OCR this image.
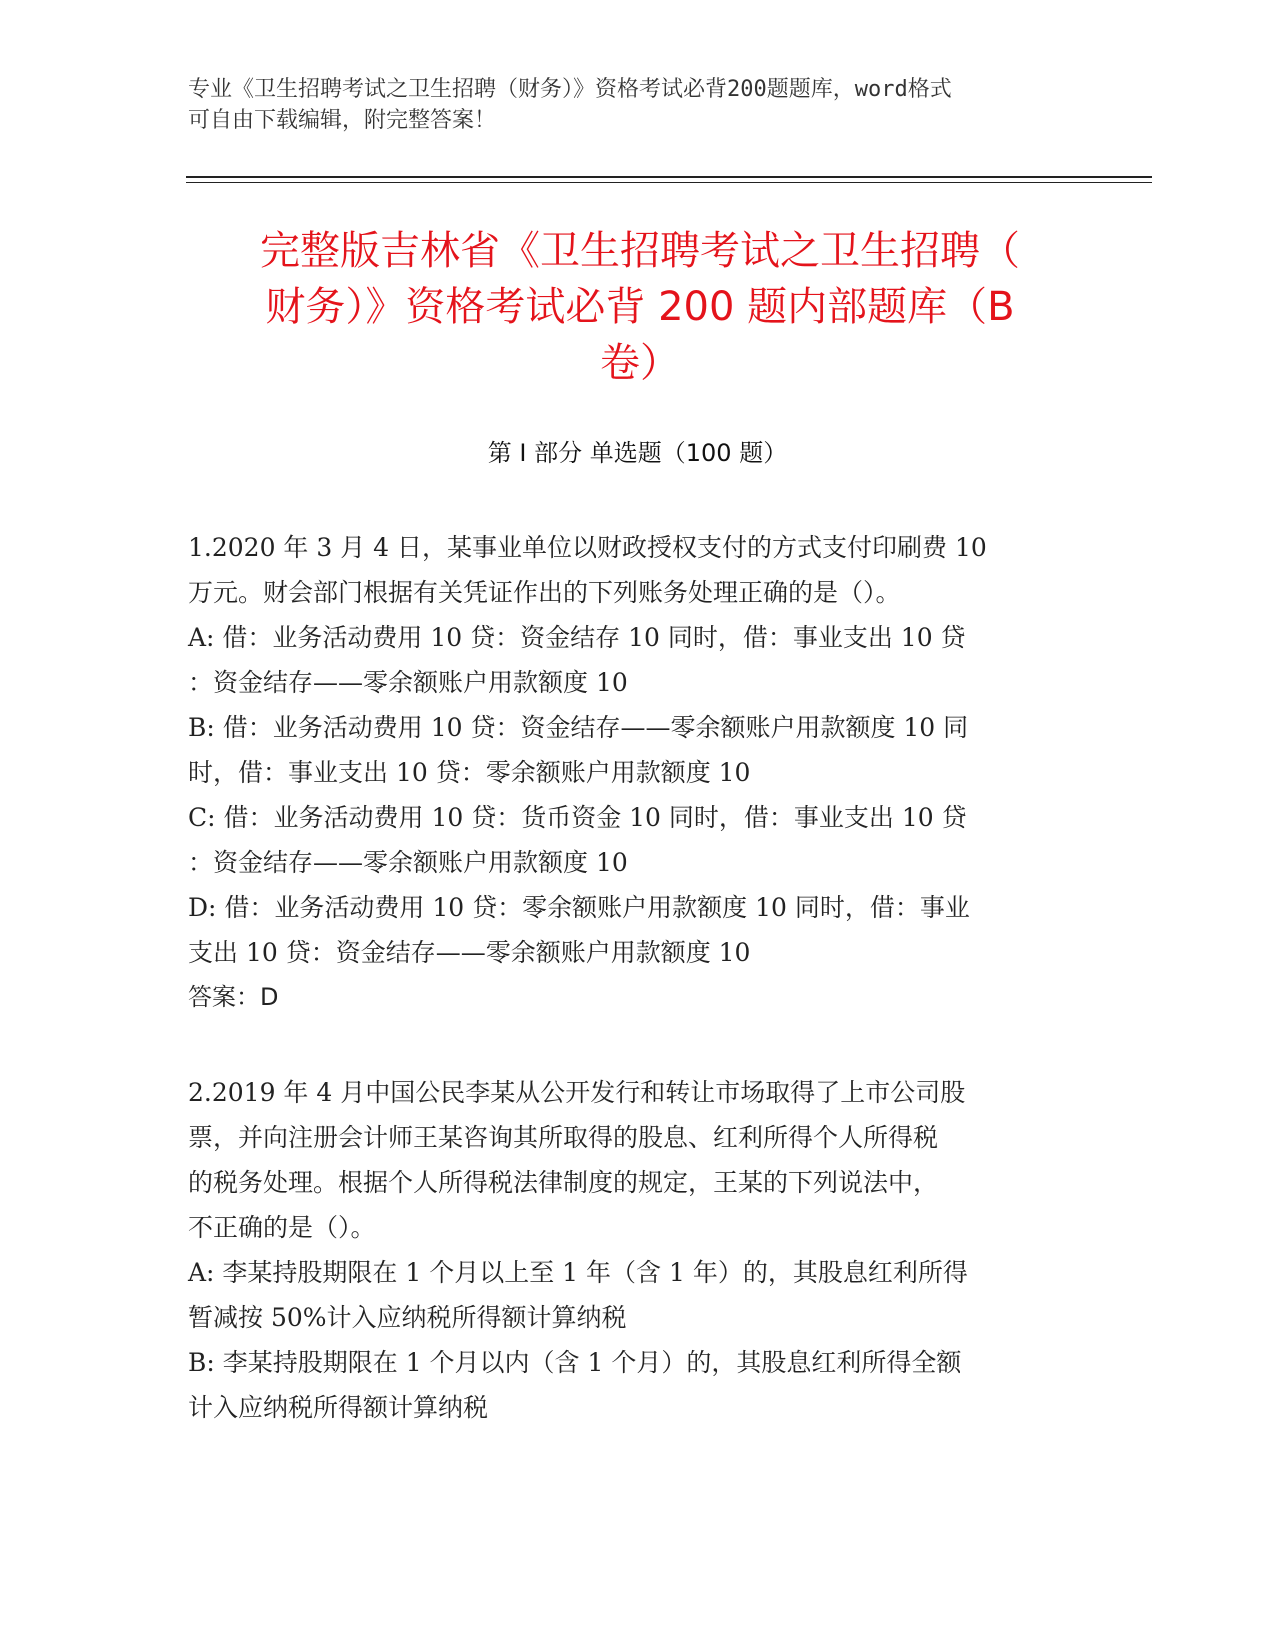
专业《卫生招聘考试之卫生招聘（财务）》资格考试必背200题题库，word格式

可自由下载编辑，附完整答案！

完整版吉林省《卫生招聘考试之卫生招聘（

财务）》资格考试必背 200 题内部题库（B

卷）

第 I 部分 单选题（100 题）

1.2020 年 3 月 4 日，某事业单位以财政授权支付的方式支付印刷费 10

万元。财会部门根据有关凭证作出的下列账务处理正确的是（）。

A: 借：业务活动费用 10 贷：资金结存 10 同时，借：事业支出 10 贷

：资金结存——零余额账户用款额度 10

B: 借：业务活动费用 10 贷：资金结存——零余额账户用款额度 10 同

时，借：事业支出 10 贷：零余额账户用款额度 10

C: 借：业务活动费用 10 贷：货币资金 10 同时，借：事业支出 10 贷

：资金结存——零余额账户用款额度 10

D: 借：业务活动费用 10 贷：零余额账户用款额度 10 同时，借：事业

支出 10 贷：资金结存——零余额账户用款额度 10

答案：D

2.2019 年 4 月中国公民李某从公开发行和转让市场取得了上市公司股

票，并向注册会计师王某咨询其所取得的股息、红利所得个人所得税

的税务处理。根据个人所得税法律制度的规定，王某的下列说法中，

不正确的是（）。

A: 李某持股期限在 1 个月以上至 1 年（含 1 年）的，其股息红利所得

暂减按 50%计入应纳税所得额计算纳税

B: 李某持股期限在 1 个月以内（含 1 个月）的，其股息红利所得全额

计入应纳税所得额计算纳税
